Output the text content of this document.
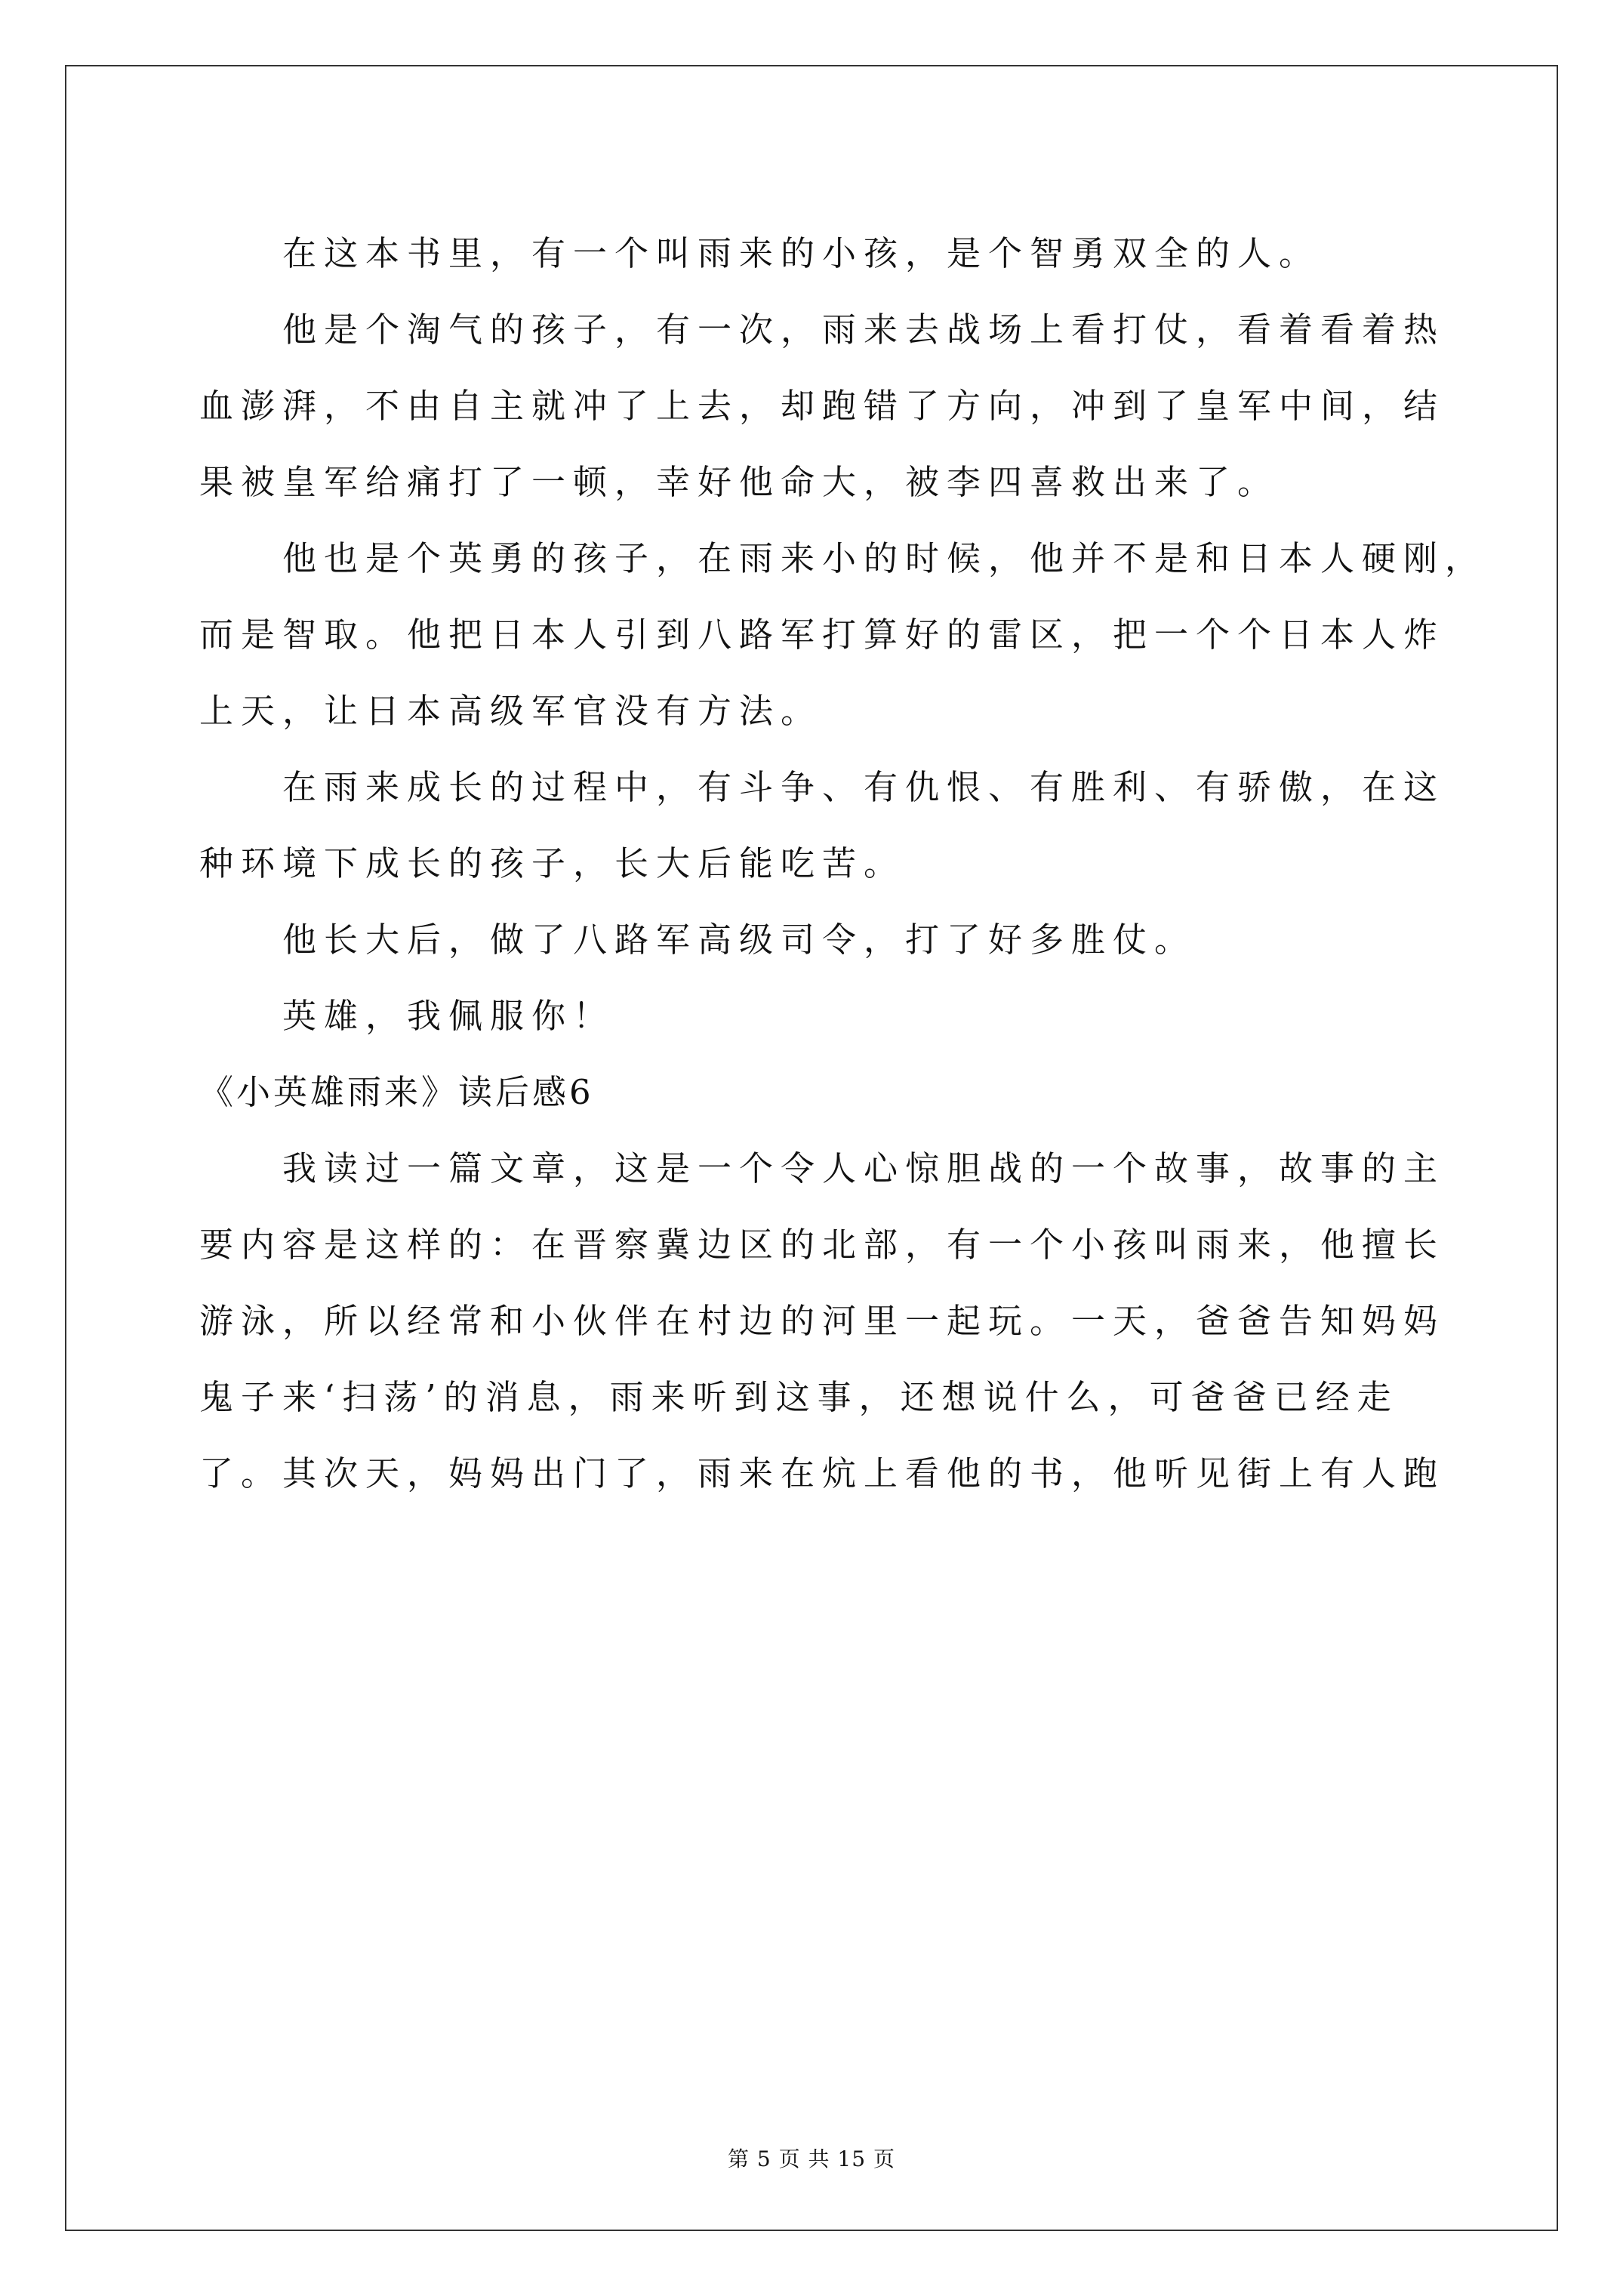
在这本书里，有一个叫雨来的小孩，是个智勇双全的人。

他是个淘气的孩子，有一次，雨来去战场上看打仗，看着看着热
血澎湃，不由自主就冲了上去，却跑错了方向，冲到了皇军中间，结
果被皇军给痛打了一顿，幸好他命大，被李四喜救出来了。

他也是个英勇的孩子，在雨来小的时候，他并不是和日本人硬刚，
而是智取。他把日本人引到八路军打算好的雷区，把一个个日本人炸
上天，让日本高级军官没有方法。

在雨来成长的过程中，有斗争、有仇恨、有胜利、有骄傲，在这
种环境下成长的孩子，长大后能吃苦。

他长大后，做了八路军高级司令，打了好多胜仗。

英雄，我佩服你！

《小英雄雨来》读后感6

我读过一篇文章，这是一个令人心惊胆战的一个故事，故事的主
要内容是这样的：在晋察冀边区的北部，有一个小孩叫雨来，他擅长
游泳，所以经常和小伙伴在村边的河里一起玩。一天，爸爸告知妈妈
鬼子来‘扫荡’的消息，雨来听到这事，还想说什么，可爸爸已经走
了。其次天，妈妈出门了，雨来在炕上看他的书，他听见街上有人跑

第 5 页 共 15 页
